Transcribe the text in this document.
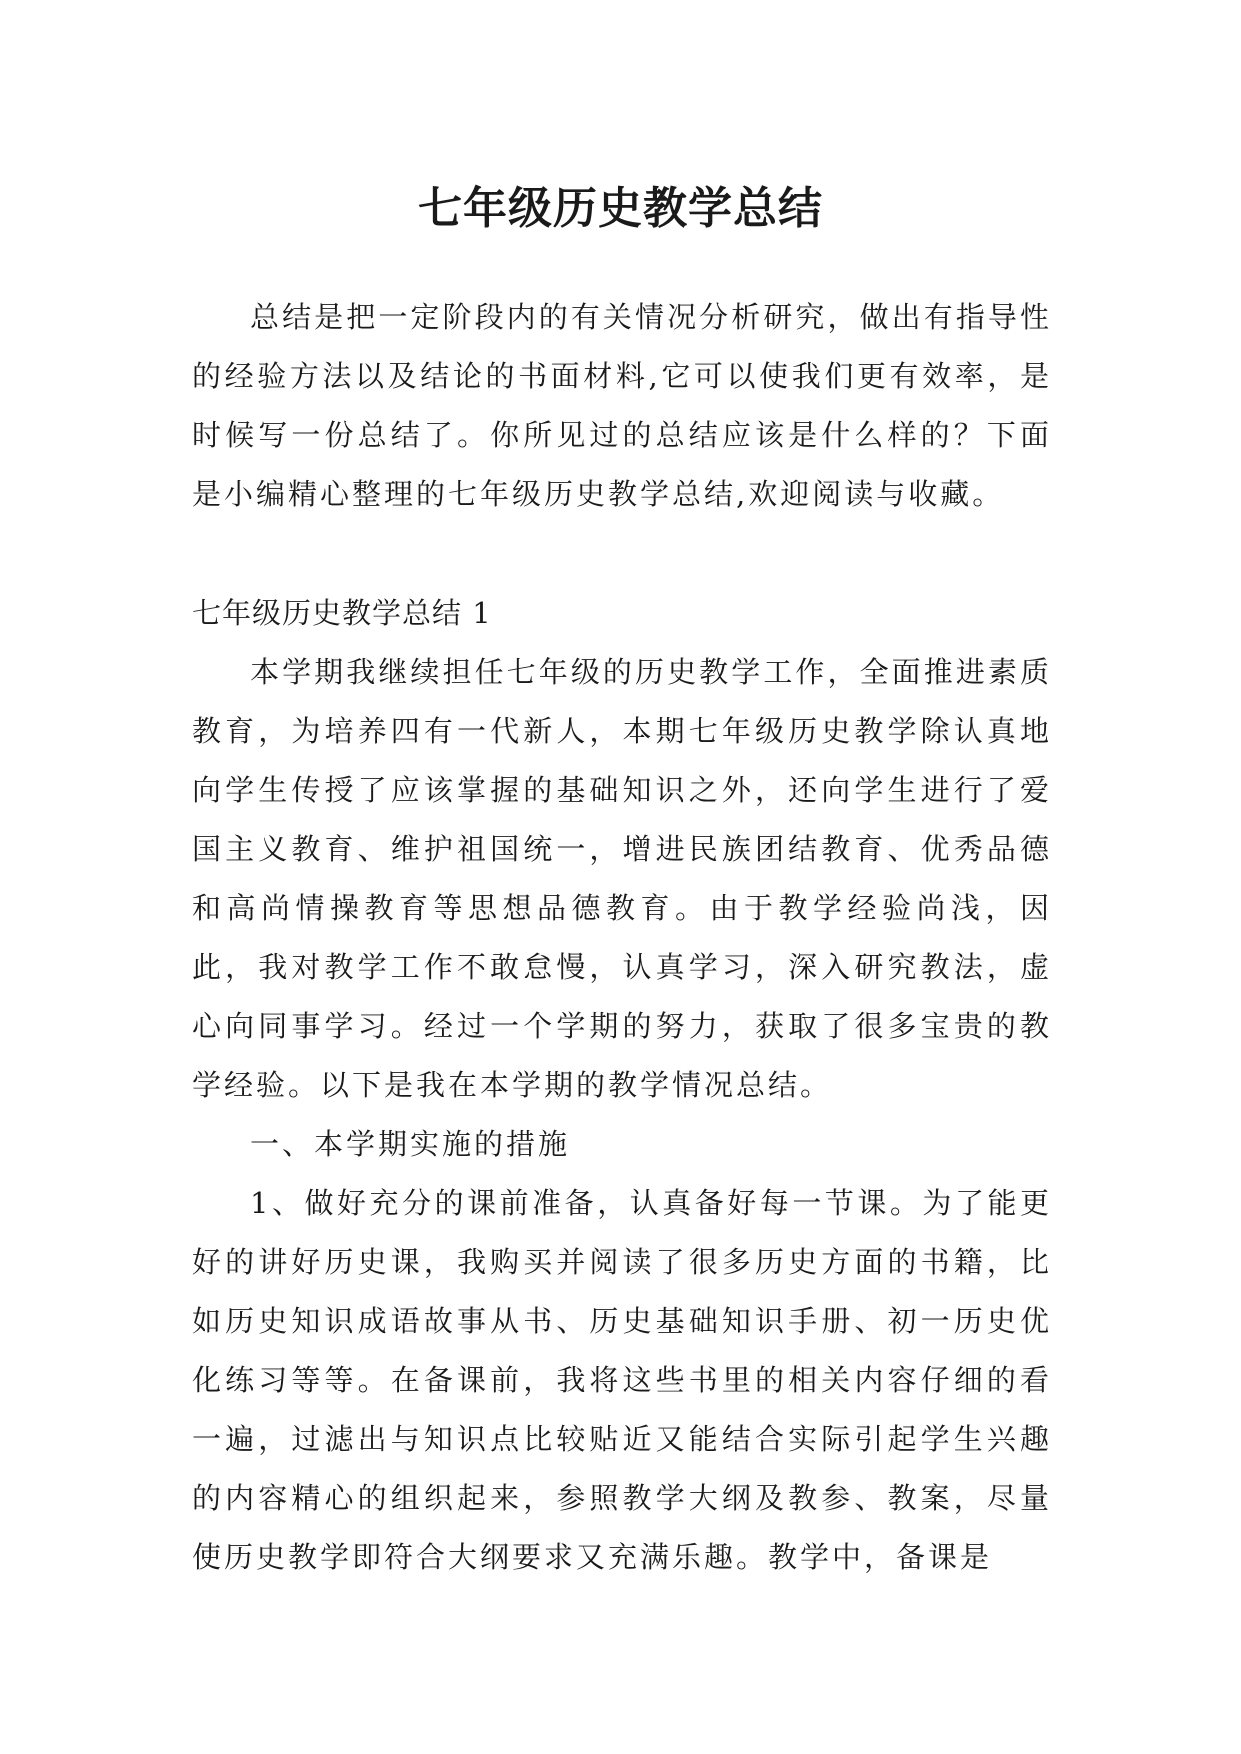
七年级历史教学总结

总结是把一定阶段内的有关情况分析研究，做出有指导性的经验方法以及结论的书面材料,它可以使我们更有效率，是时候写一份总结了。你所见过的总结应该是什么样的？下面是小编精心整理的七年级历史教学总结,欢迎阅读与收藏。

七年级历史教学总结 1

本学期我继续担任七年级的历史教学工作，全面推进素质教育，为培养四有一代新人，本期七年级历史教学除认真地向学生传授了应该掌握的基础知识之外，还向学生进行了爱国主义教育、维护祖国统一，增进民族团结教育、优秀品德和高尚情操教育等思想品德教育。由于教学经验尚浅，因此，我对教学工作不敢怠慢，认真学习，深入研究教法，虚心向同事学习。经过一个学期的努力，获取了很多宝贵的教学经验。以下是我在本学期的教学情况总结。

一、本学期实施的措施

1、做好充分的课前准备，认真备好每一节课。为了能更好的讲好历史课，我购买并阅读了很多历史方面的书籍，比如历史知识成语故事从书、历史基础知识手册、初一历史优化练习等等。在备课前，我将这些书里的相关内容仔细的看一遍，过滤出与知识点比较贴近又能结合实际引起学生兴趣的内容精心的组织起来，参照教学大纲及教参、教案，尽量使历史教学即符合大纲要求又充满乐趣。教学中，备课是
